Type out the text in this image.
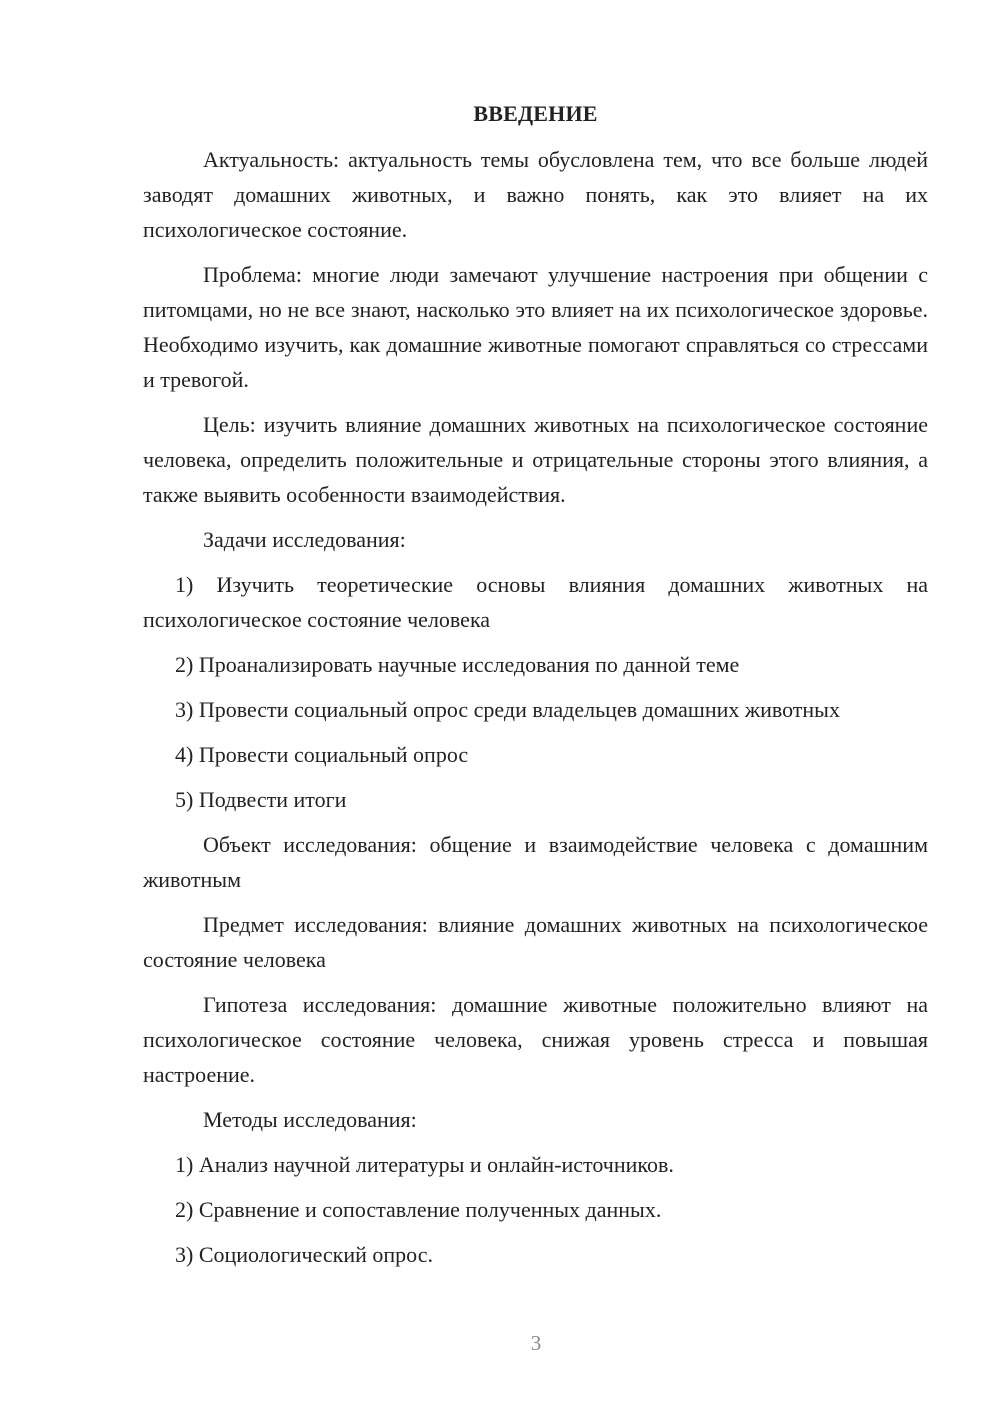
ВВЕДЕНИЕ

Актуальность: актуальность темы обусловлена тем, что все больше людей заводят домашних животных, и важно понять, как это влияет на их психологическое состояние.

Проблема: многие люди замечают улучшение настроения при общении с питомцами, но не все знают, насколько это влияет на их психологическое здоровье. Необходимо изучить, как домашние животные помогают справляться со стрессами и тревогой.

Цель: изучить влияние домашних животных на психологическое состояние человека, определить положительные и отрицательные стороны этого влияния, а также выявить особенности взаимодействия.

Задачи исследования:

1) Изучить теоретические основы влияния домашних животных на психологическое состояние человека

2) Проанализировать научные исследования по данной теме

3) Провести социальный опрос среди владельцев домашних животных

4) Провести социальный опрос

5) Подвести итоги

Объект исследования: общение и взаимодействие человека с домашним животным

Предмет исследования: влияние домашних животных на психологическое состояние человека

Гипотеза исследования: домашние животные положительно влияют на психологическое состояние человека, снижая уровень стресса и повышая настроение.

Методы исследования:

1) Анализ научной литературы и онлайн-источников.

2) Сравнение и сопоставление полученных данных.

3) Социологический опрос.

3
